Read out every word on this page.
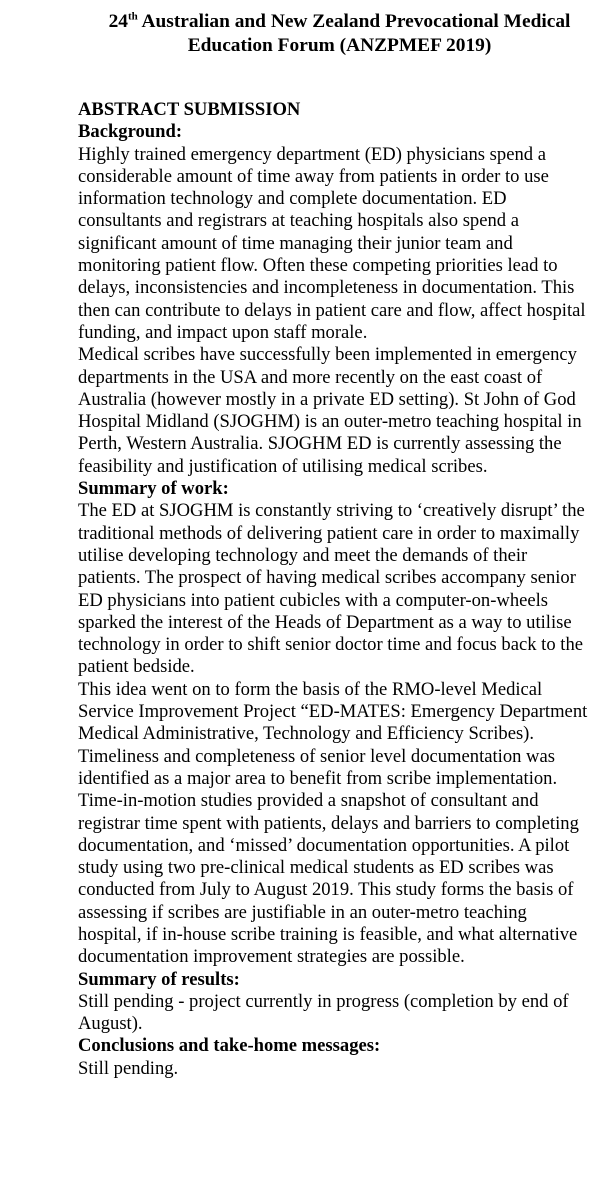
24th Australian and New Zealand Prevocational Medical
Education Forum (ANZPMEF 2019)

ABSTRACT SUBMISSION

Background:

Highly trained emergency department (ED) physicians spend a considerable amount of time away from patients in order to use information technology and complete documentation. ED consultants and registrars at teaching hospitals also spend a significant amount of time managing their junior team and monitoring patient flow. Often these competing priorities lead to delays, inconsistencies and incompleteness in documentation. This then can contribute to delays in patient care and flow, affect hospital funding, and impact upon staff morale.

Medical scribes have successfully been implemented in emergency departments in the USA and more recently on the east coast of Australia (however mostly in a private ED setting). St John of God Hospital Midland (SJOGHM) is an outer-metro teaching hospital in Perth, Western Australia. SJOGHM ED is currently assessing the feasibility and justification of utilising medical scribes.

Summary of work:

The ED at SJOGHM is constantly striving to ‘creatively disrupt’ the traditional methods of delivering patient care in order to maximally utilise developing technology and meet the demands of their patients. The prospect of having medical scribes accompany senior ED physicians into patient cubicles with a computer-on-wheels sparked the interest of the Heads of Department as a way to utilise technology in order to shift senior doctor time and focus back to the patient bedside.

This idea went on to form the basis of the RMO-level Medical Service Improvement Project “ED-MATES: Emergency Department Medical Administrative, Technology and Efficiency Scribes).

Timeliness and completeness of senior level documentation was identified as a major area to benefit from scribe implementation. Time-in-motion studies provided a snapshot of consultant and registrar time spent with patients, delays and barriers to completing documentation, and ‘missed’ documentation opportunities. A pilot study using two pre-clinical medical students as ED scribes was conducted from July to August 2019. This study forms the basis of assessing if scribes are justifiable in an outer-metro teaching hospital, if in-house scribe training is feasible, and what alternative documentation improvement strategies are possible.

Summary of results:

Still pending - project currently in progress (completion by end of August).

Conclusions and take-home messages:

Still pending.
